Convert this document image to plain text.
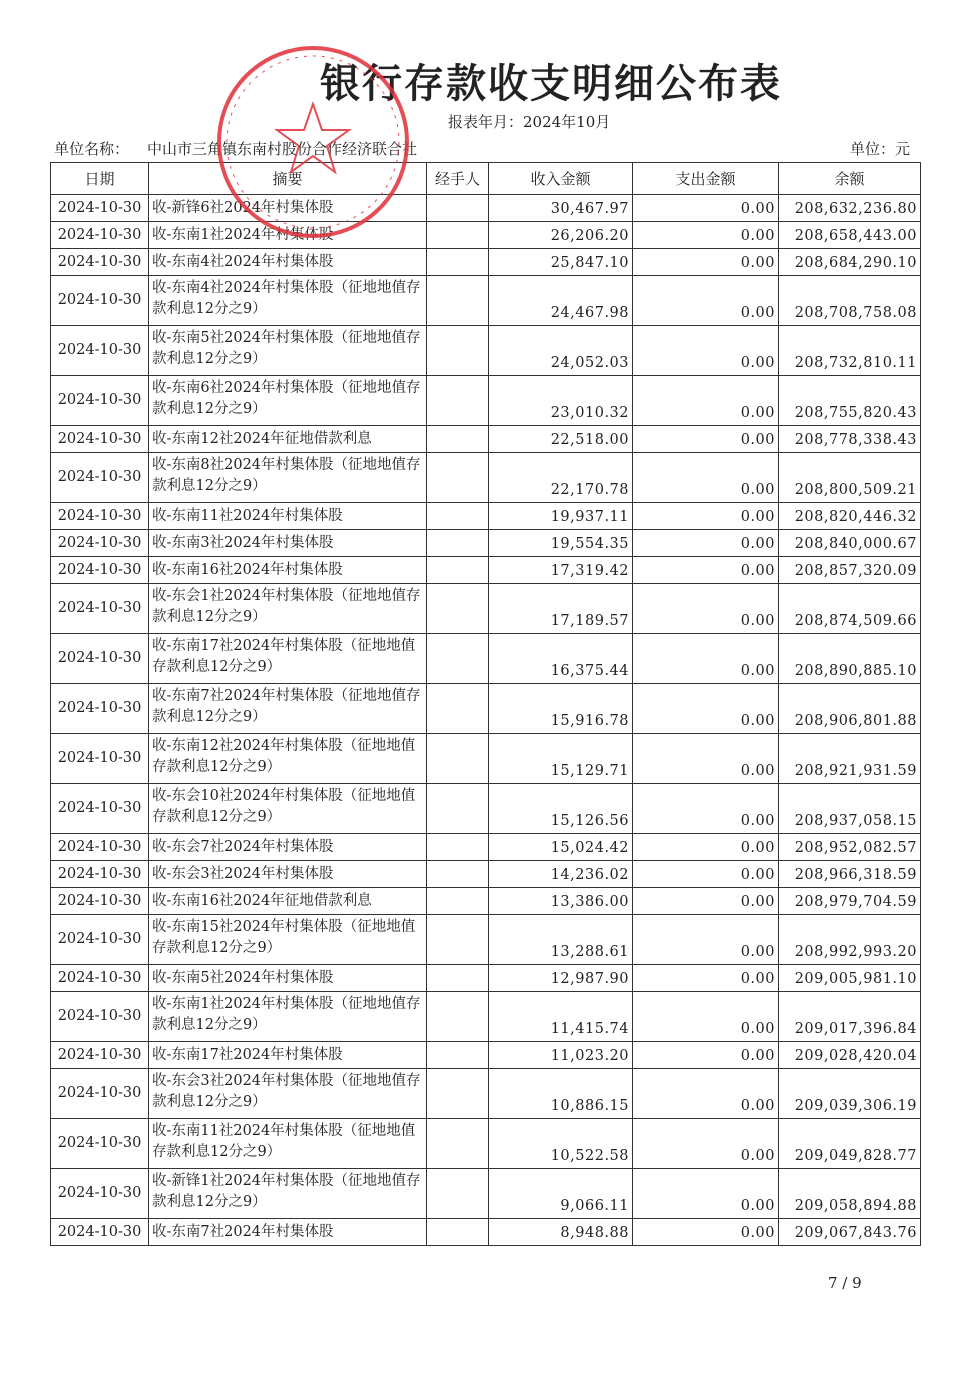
银行存款收支明细公布表
报表年月：2024年10月
单位名称： 中山市三角镇东南村股份合作经济联合社	单位：元
日期	摘要	经手人	收入金额	支出金额	余额
2024-10-30	收-新锋6社2024年村集体股		30,467.97	0.00	208,632,236.80
2024-10-30	收-东南1社2024年村集体股		26,206.20	0.00	208,658,443.00
2024-10-30	收-东南4社2024年村集体股		25,847.10	0.00	208,684,290.10
2024-10-30	收-东南4社2024年村集体股（征地地值存款利息12分之9）		24,467.98	0.00	208,708,758.08
2024-10-30	收-东南5社2024年村集体股（征地地值存款利息12分之9）		24,052.03	0.00	208,732,810.11
2024-10-30	收-东南6社2024年村集体股（征地地值存款利息12分之9）		23,010.32	0.00	208,755,820.43
2024-10-30	收-东南12社2024年征地借款利息		22,518.00	0.00	208,778,338.43
2024-10-30	收-东南8社2024年村集体股（征地地值存款利息12分之9）		22,170.78	0.00	208,800,509.21
2024-10-30	收-东南11社2024年村集体股		19,937.11	0.00	208,820,446.32
2024-10-30	收-东南3社2024年村集体股		19,554.35	0.00	208,840,000.67
2024-10-30	收-东南16社2024年村集体股		17,319.42	0.00	208,857,320.09
2024-10-30	收-东会1社2024年村集体股（征地地值存款利息12分之9）		17,189.57	0.00	208,874,509.66
2024-10-30	收-东南17社2024年村集体股（征地地值存款利息12分之9）		16,375.44	0.00	208,890,885.10
2024-10-30	收-东南7社2024年村集体股（征地地值存款利息12分之9）		15,916.78	0.00	208,906,801.88
2024-10-30	收-东南12社2024年村集体股（征地地值存款利息12分之9）		15,129.71	0.00	208,921,931.59
2024-10-30	收-东会10社2024年村集体股（征地地值存款利息12分之9）		15,126.56	0.00	208,937,058.15
2024-10-30	收-东会7社2024年村集体股		15,024.42	0.00	208,952,082.57
2024-10-30	收-东会3社2024年村集体股		14,236.02	0.00	208,966,318.59
2024-10-30	收-东南16社2024年征地借款利息		13,386.00	0.00	208,979,704.59
2024-10-30	收-东南15社2024年村集体股（征地地值存款利息12分之9）		13,288.61	0.00	208,992,993.20
2024-10-30	收-东南5社2024年村集体股		12,987.90	0.00	209,005,981.10
2024-10-30	收-东南1社2024年村集体股（征地地值存款利息12分之9）		11,415.74	0.00	209,017,396.84
2024-10-30	收-东南17社2024年村集体股		11,023.20	0.00	209,028,420.04
2024-10-30	收-东会3社2024年村集体股（征地地值存款利息12分之9）		10,886.15	0.00	209,039,306.19
2024-10-30	收-东南11社2024年村集体股（征地地值存款利息12分之9）		10,522.58	0.00	209,049,828.77
2024-10-30	收-新锋1社2024年村集体股（征地地值存款利息12分之9）		9,066.11	0.00	209,058,894.88
2024-10-30	收-东南7社2024年村集体股		8,948.88	0.00	209,067,843.76
7 / 9
